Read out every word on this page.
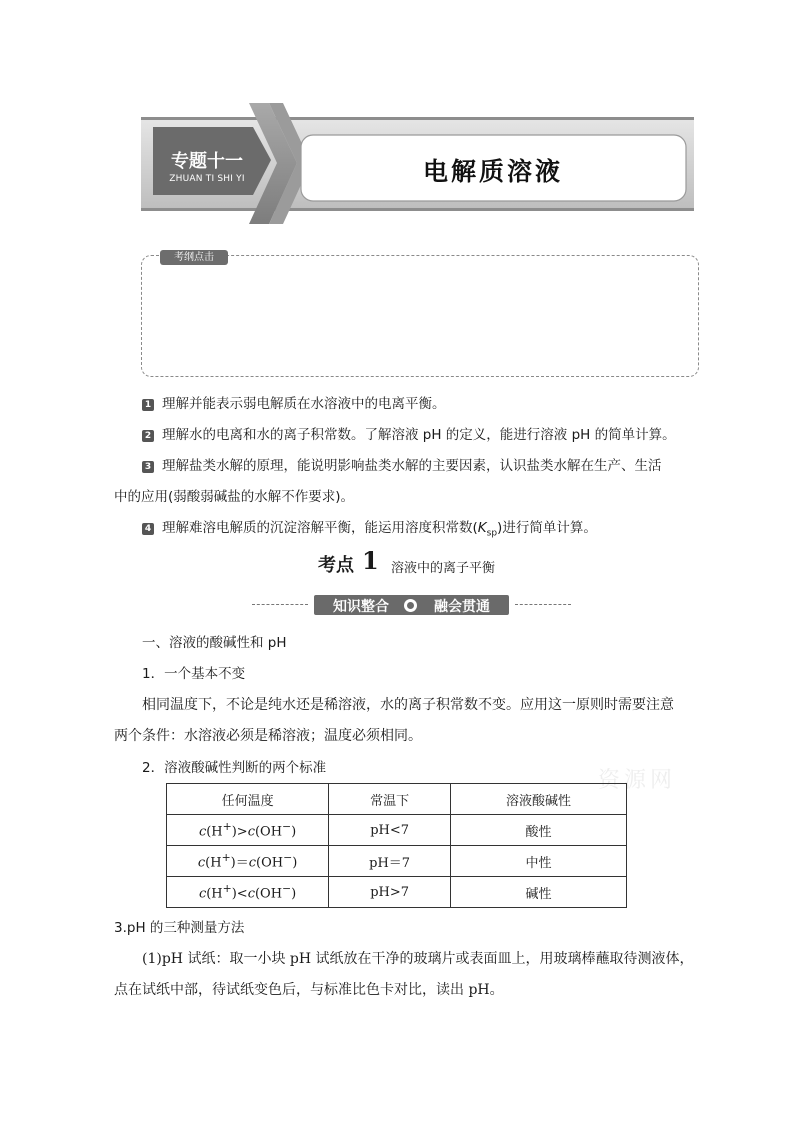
专题十一
ZHUAN TI SHI YI	电解质溶液
考纲点击
1 理解并能表示弱电解质在水溶液中的电离平衡。
2 理解水的电离和水的离子积常数。了解溶液 pH 的定义，能进行溶液 pH 的简单计算。
3 理解盐类水解的原理，能说明影响盐类水解的主要因素，认识盐类水解在生产、生活
中的应用(弱酸弱碱盐的水解不作要求)。
4 理解难溶电解质的沉淀溶解平衡，能运用溶度积常数$(K_{sp})$进行简单计算。
考点 1 溶液中的离子平衡
知识整合	融会贯通
一、溶液的酸碱性和 pH
1．一个基本不变
相同温度下，不论是纯水还是稀溶液，水的离子积常数不变。应用这一原则时需要注意
两个条件：水溶液必须是稀溶液；温度必须相同。
2．溶液酸碱性判断的两个标准	资源网
任何温度	常温下	溶液酸碱性
c(H+)>c(OH−)	pH<7	酸性
c(H+)＝c(OH−)	pH＝7	中性
c(H+)<c(OH−)	pH>7	碱性
3.pH 的三种测量方法
(1)pH 试纸：取一小块 pH 试纸放在干净的玻璃片或表面皿上，用玻璃棒蘸取待测液体，
点在试纸中部，待试纸变色后，与标准比色卡对比，读出 pH。
